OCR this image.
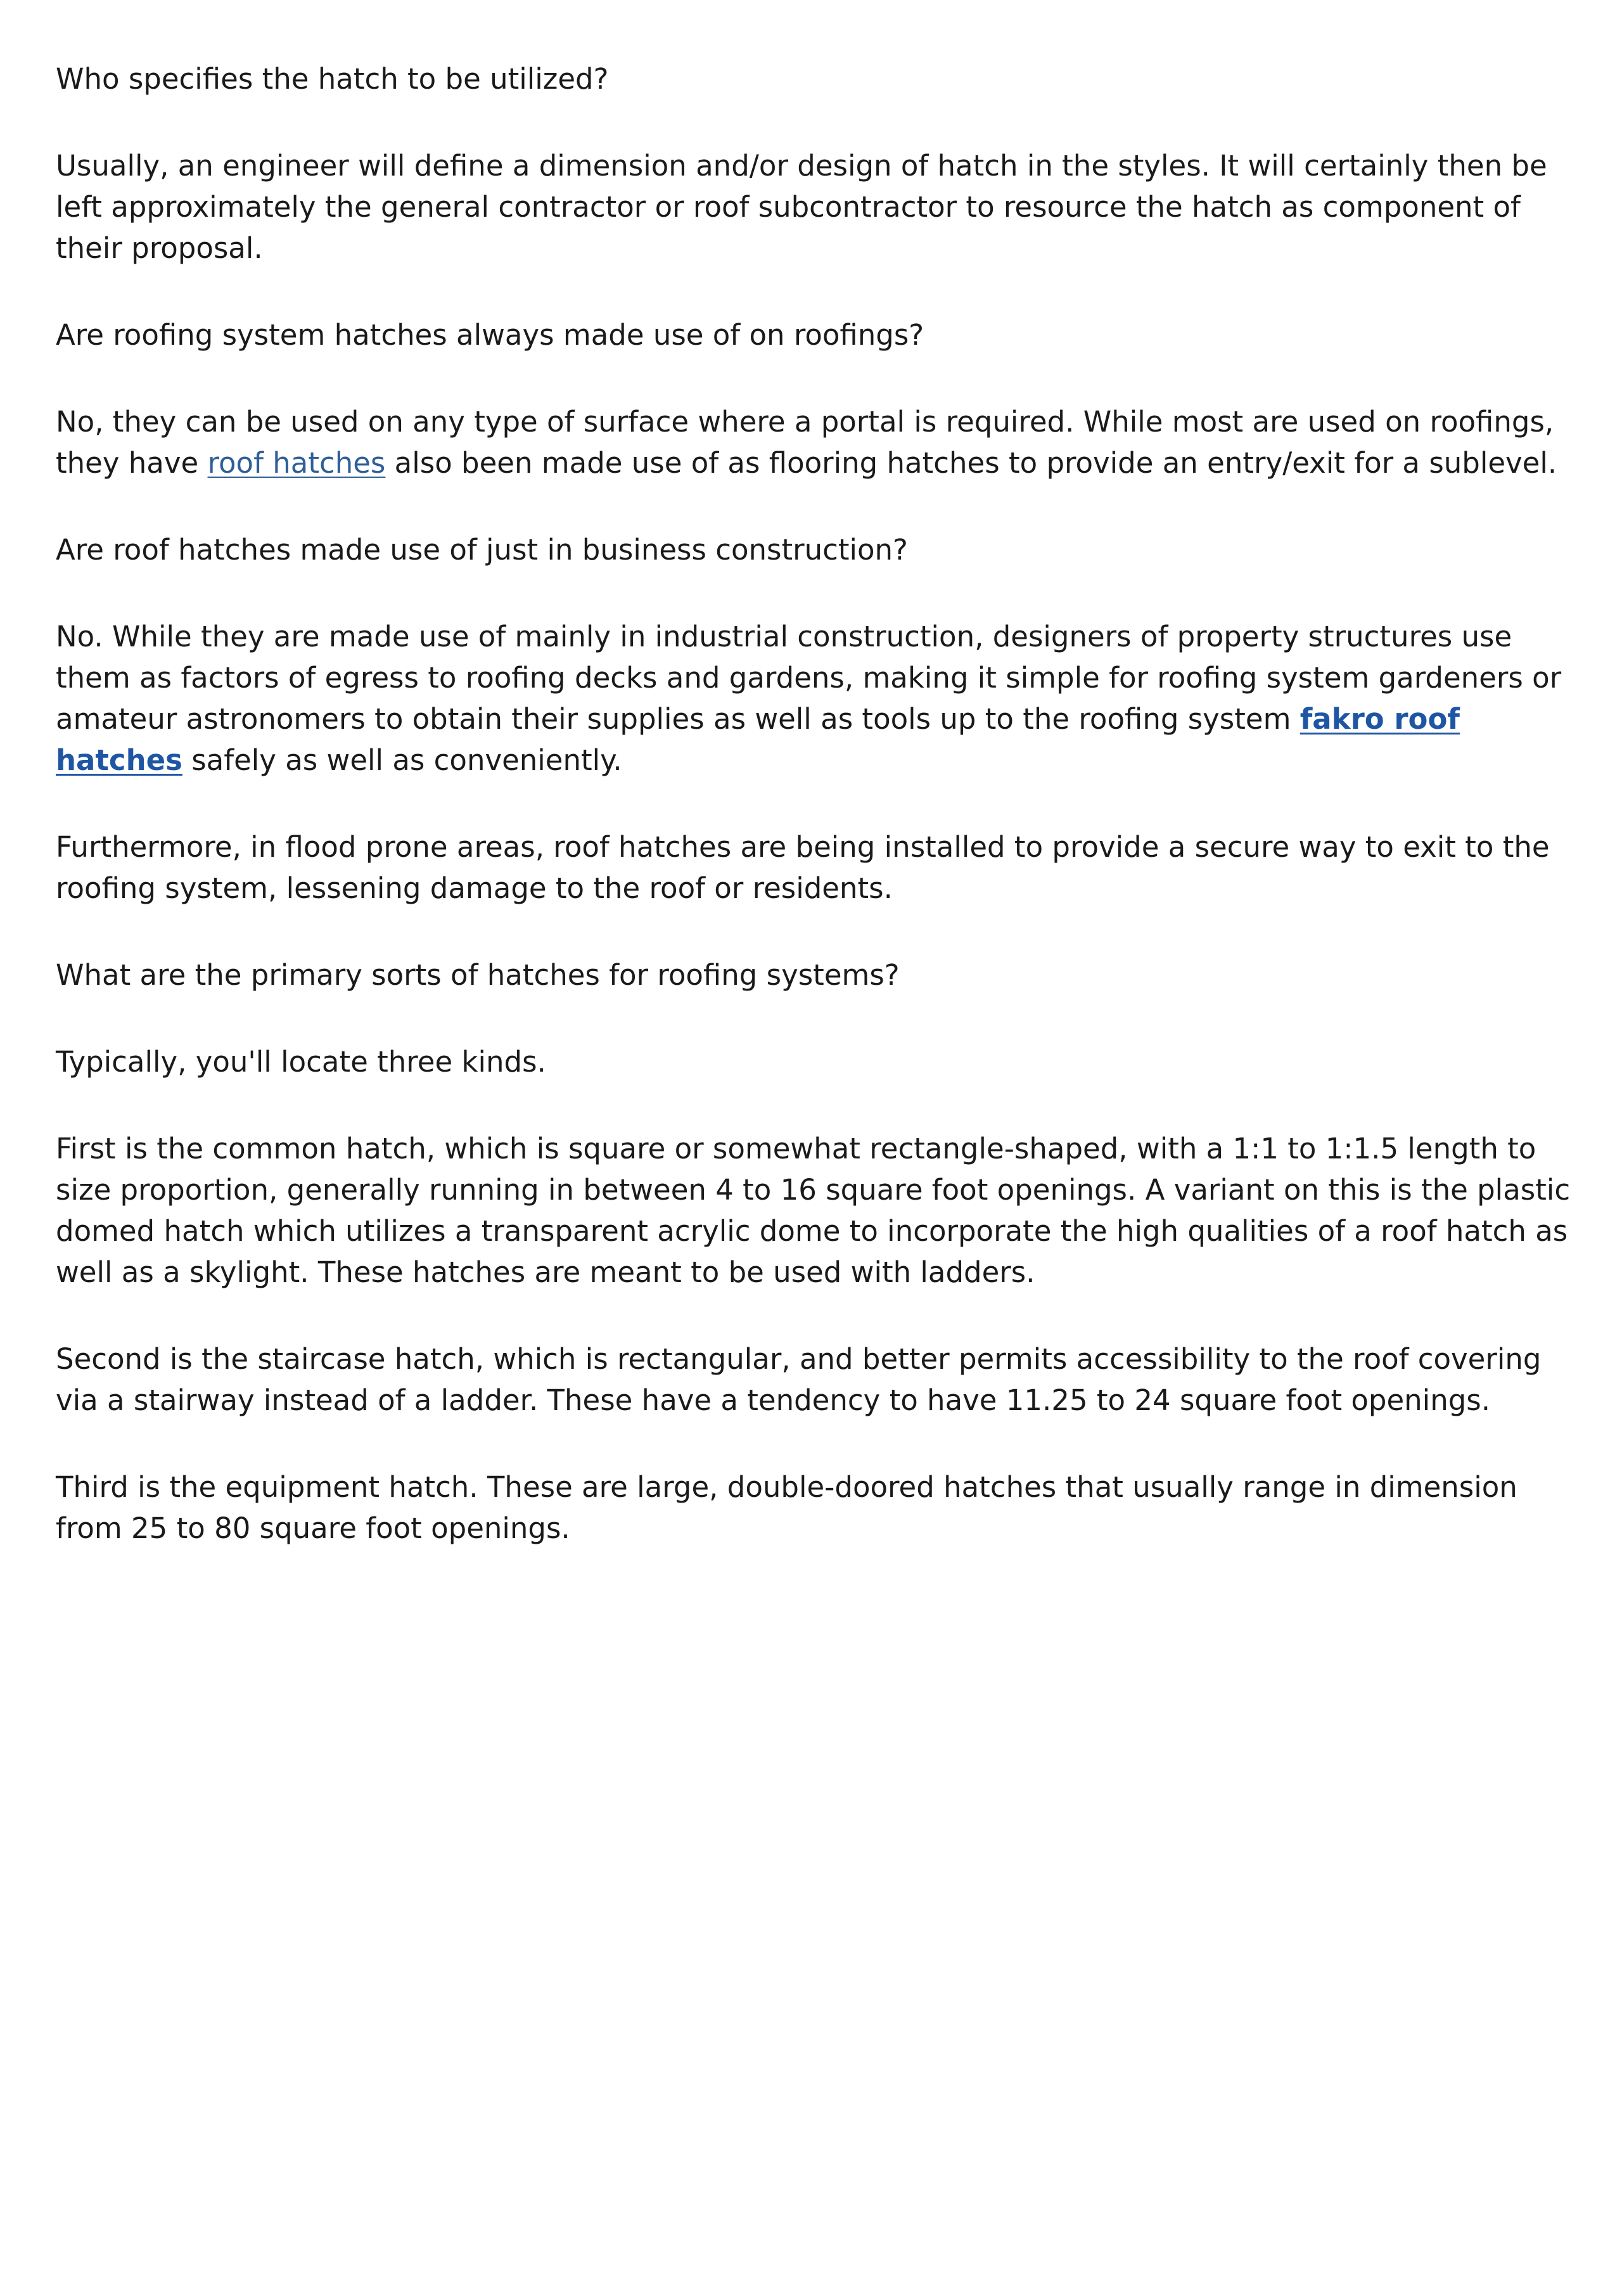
Who specifies the hatch to be utilized?

Usually, an engineer will define a dimension and/or design of hatch in the styles. It will certainly then be left approximately the general contractor or roof subcontractor to resource the hatch as component of their proposal.

Are roofing system hatches always made use of on roofings?

No, they can be used on any type of surface where a portal is required. While most are used on roofings, they have roof hatches also been made use of as flooring hatches to provide an entry/exit for a sublevel.

Are roof hatches made use of just in business construction?

No. While they are made use of mainly in industrial construction, designers of property structures use them as factors of egress to roofing decks and gardens, making it simple for roofing system gardeners or amateur astronomers to obtain their supplies as well as tools up to the roofing system fakro roof hatches safely as well as conveniently.

Furthermore, in flood prone areas, roof hatches are being installed to provide a secure way to exit to the roofing system, lessening damage to the roof or residents.

What are the primary sorts of hatches for roofing systems?

Typically, you'll locate three kinds.

First is the common hatch, which is square or somewhat rectangle-shaped, with a 1:1 to 1:1.5 length to size proportion, generally running in between 4 to 16 square foot openings. A variant on this is the plastic domed hatch which utilizes a transparent acrylic dome to incorporate the high qualities of a roof hatch as well as a skylight. These hatches are meant to be used with ladders.

Second is the staircase hatch, which is rectangular, and better permits accessibility to the roof covering via a stairway instead of a ladder. These have a tendency to have 11.25 to 24 square foot openings.

Third is the equipment hatch. These are large, double-doored hatches that usually range in dimension from 25 to 80 square foot openings.
